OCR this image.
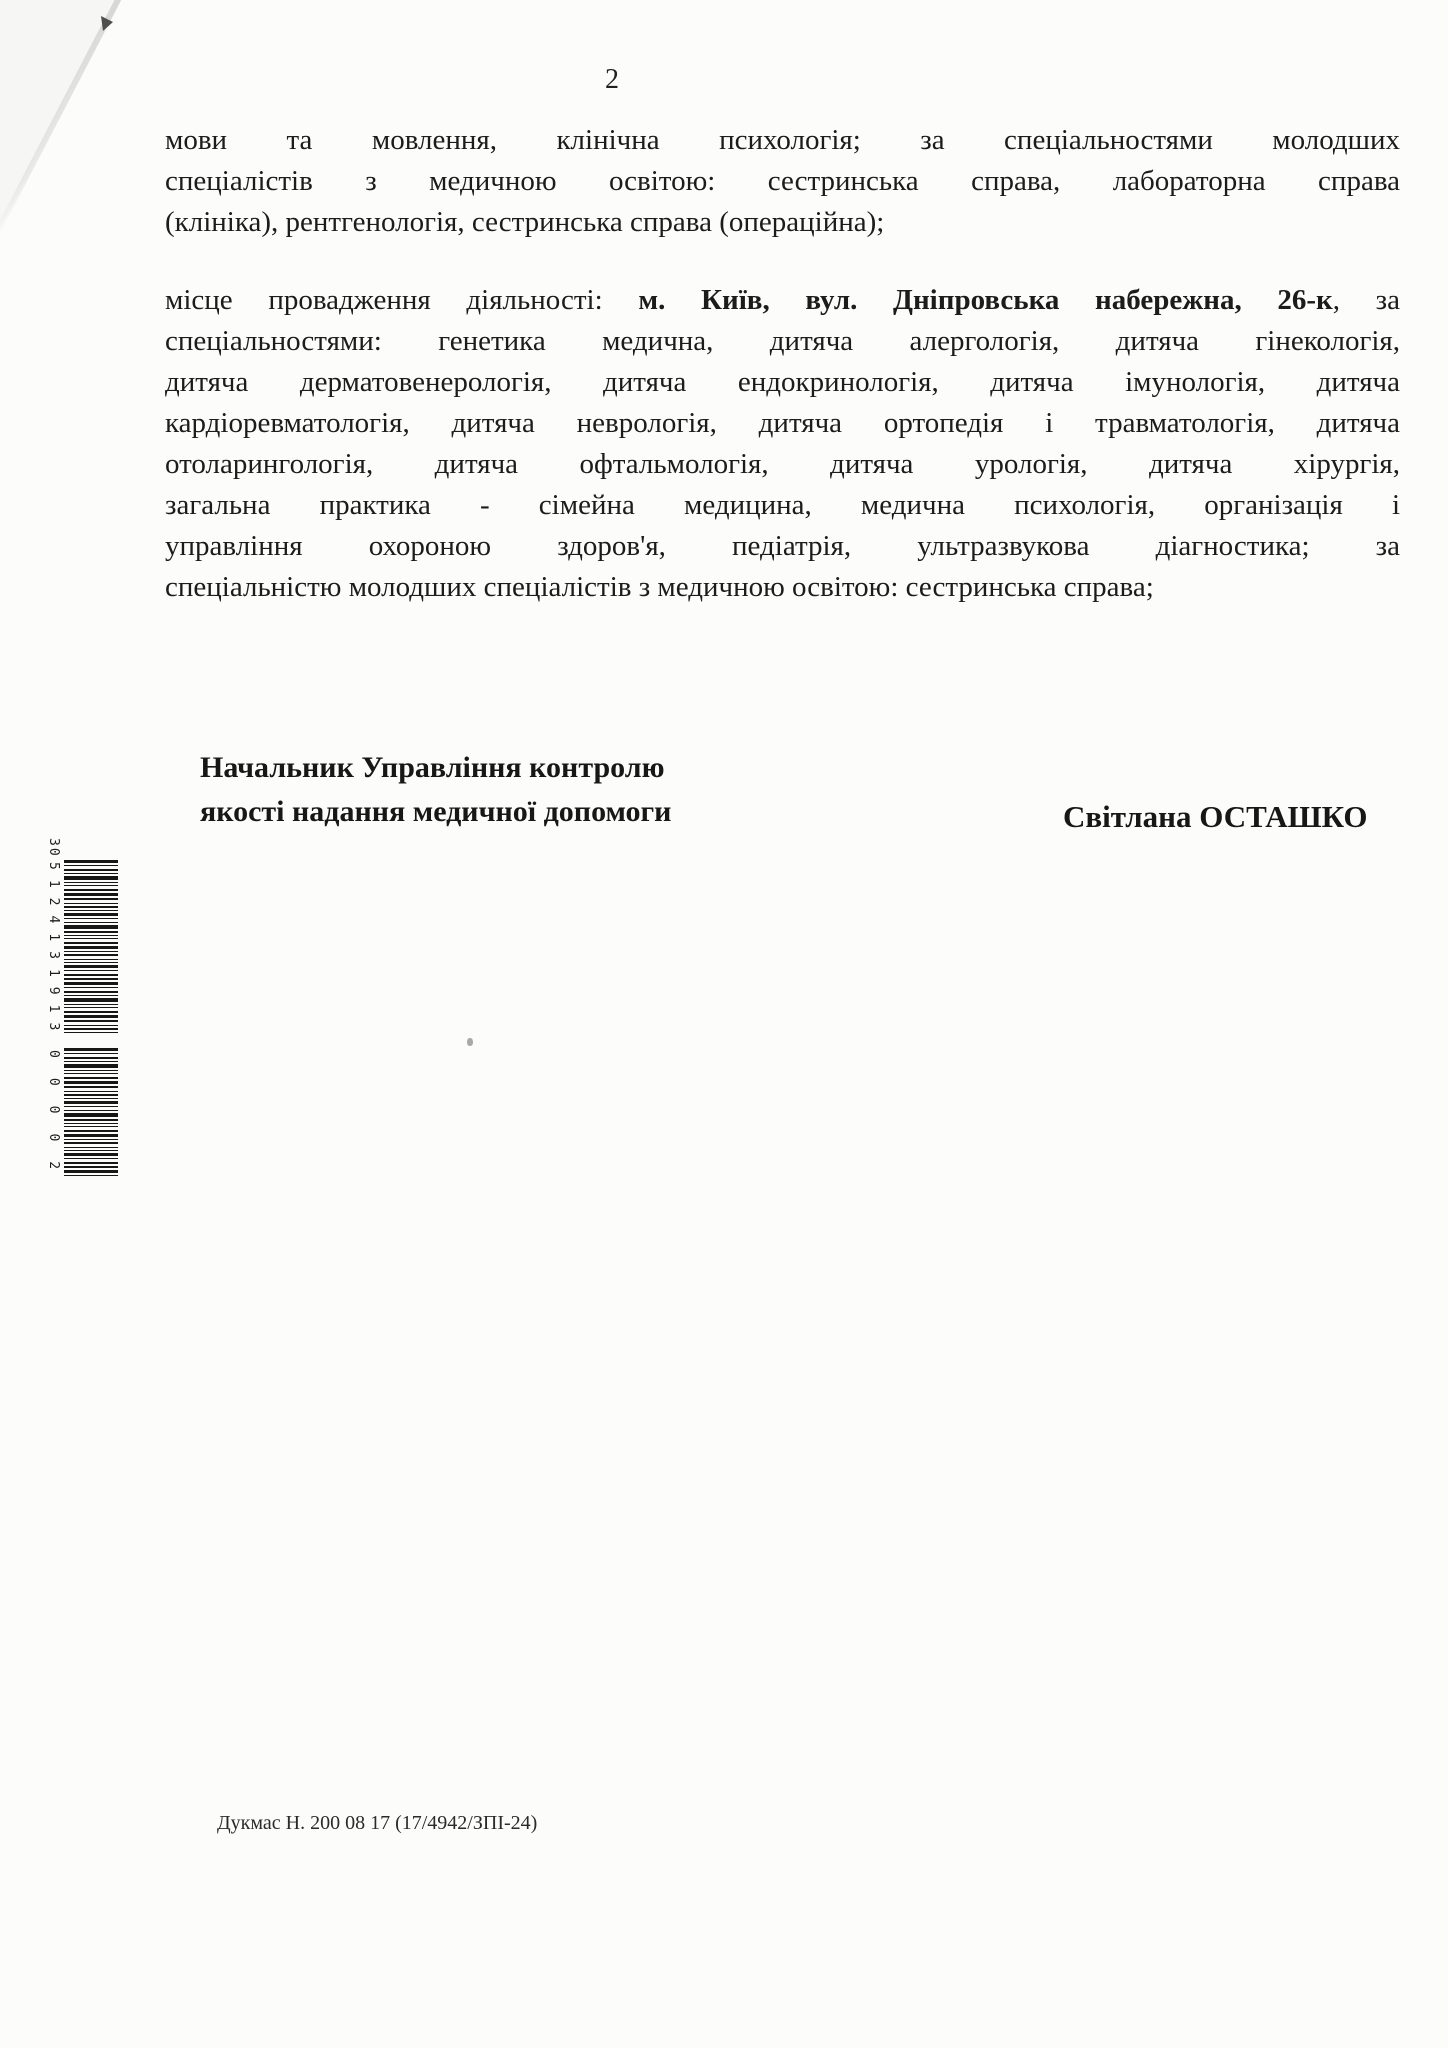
2
мови та мовлення, клінічна психологія; за спеціальностями молодших
спеціалістів з медичною освітою: сестринська справа, лабораторна справа
(клініка), рентгенологія, сестринська справа (операційна);
місце провадження діяльності: м. Київ, вул. Дніпровська набережна, 26-к, за
спеціальностями: генетика медична, дитяча алергологія, дитяча гінекологія,
дитяча дерматовенерологія, дитяча ендокринологія, дитяча імунологія, дитяча
кардіоревматологія, дитяча неврологія, дитяча ортопедія і травматологія, дитяча
отоларингологія, дитяча офтальмологія, дитяча урологія, дитяча хірургія,
загальна практика - сімейна медицина, медична психологія, організація і
управління охороною здоров'я, педіатрія, ультразвукова діагностика; за
спеціальністю молодших спеціалістів з медичною освітою: сестринська справа;
Начальник Управління контролю
якості надання медичної допомоги	Світлана ОСТАШКО
30
5124131913
00002
Дукмас Н. 200 08 17 (17/4942/ЗПІ-24)
